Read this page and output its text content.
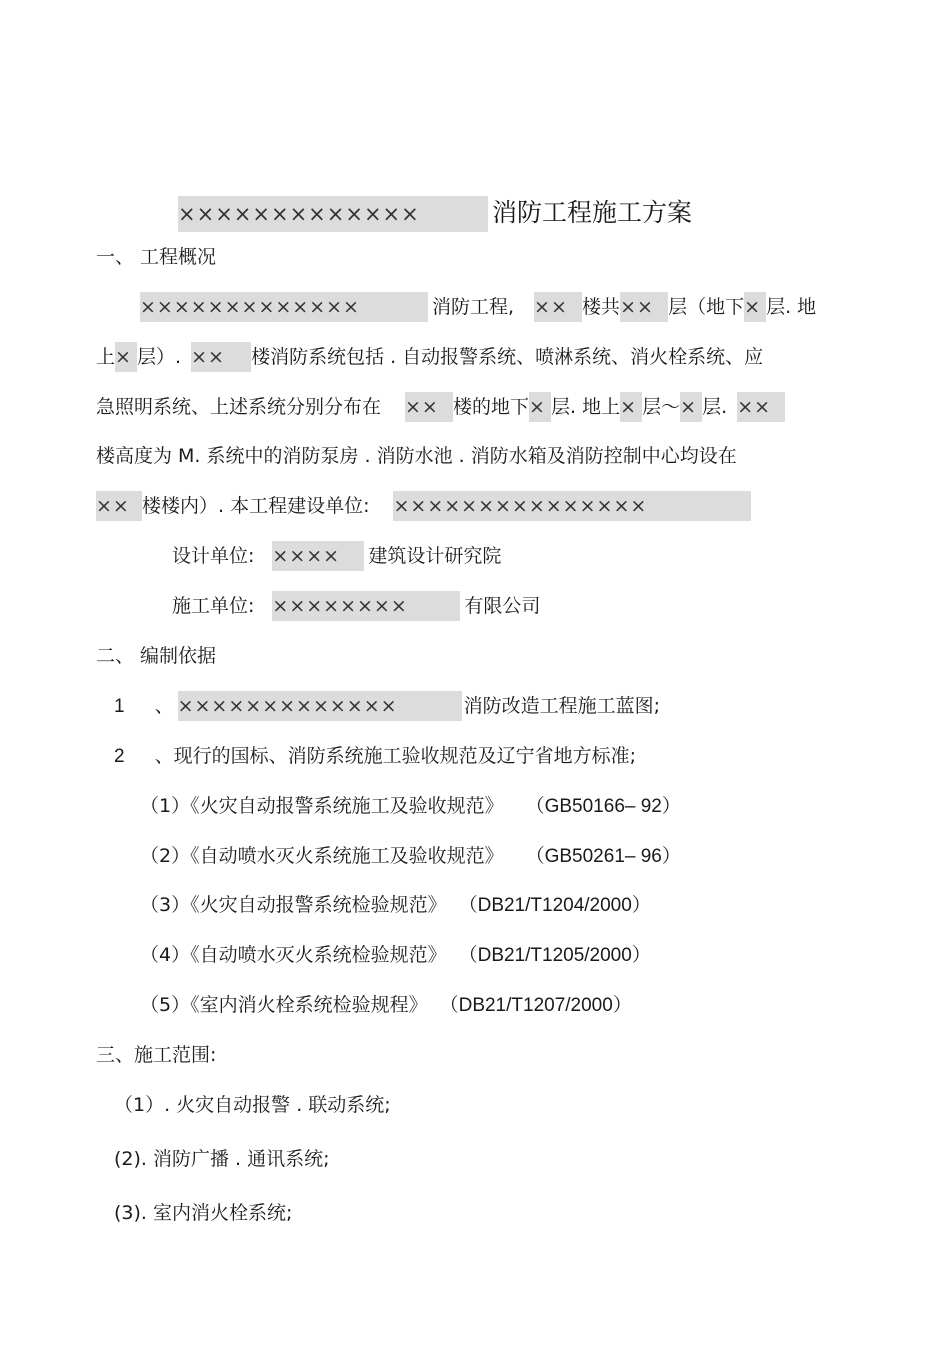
×××××××××××××	消防工程施工方案
一、 工程概况
×××××××××××××	消防工程, ×× 楼共×× 层（地下× 层. 地
上× 层）. ×× 楼消防系统包括 . 自动报警系统、喷淋系统、消火栓系统、应
急照明系统、上述系统分别分布在 ×× 楼的地下× 层. 地上× 层～× 层. ××
楼高度为 M. 系统中的消防泵房 . 消防水池 . 消防水箱及消防控制中心均设在
×× 楼楼内）. 本工程建设单位: ×××××××××××××××
设计单位: ×××× 建筑设计研究院
施工单位: ××××××××	有限公司
二、 编制依据
1 、 ×××××××××××××	消防改造工程施工蓝图;
2 、现行的国标、消防系统施工验收规范及辽宁省地方标准;
（1）《火灾自动报警系统施工及验收规范》 （GB50166– 92）
（2）《自动喷水灭火系统施工及验收规范》 （GB50261– 96）
（3）《火灾自动报警系统检验规范》 （DB21/T1204/2000）
（4）《自动喷水灭火系统检验规范》 （DB21/T1205/2000）
（5）《室内消火栓系统检验规程》 （DB21/T1207/2000）
三、施工范围:
（1）. 火灾自动报警 . 联动系统;
(2). 消防广播 . 通讯系统;
(3). 室内消火栓系统;
